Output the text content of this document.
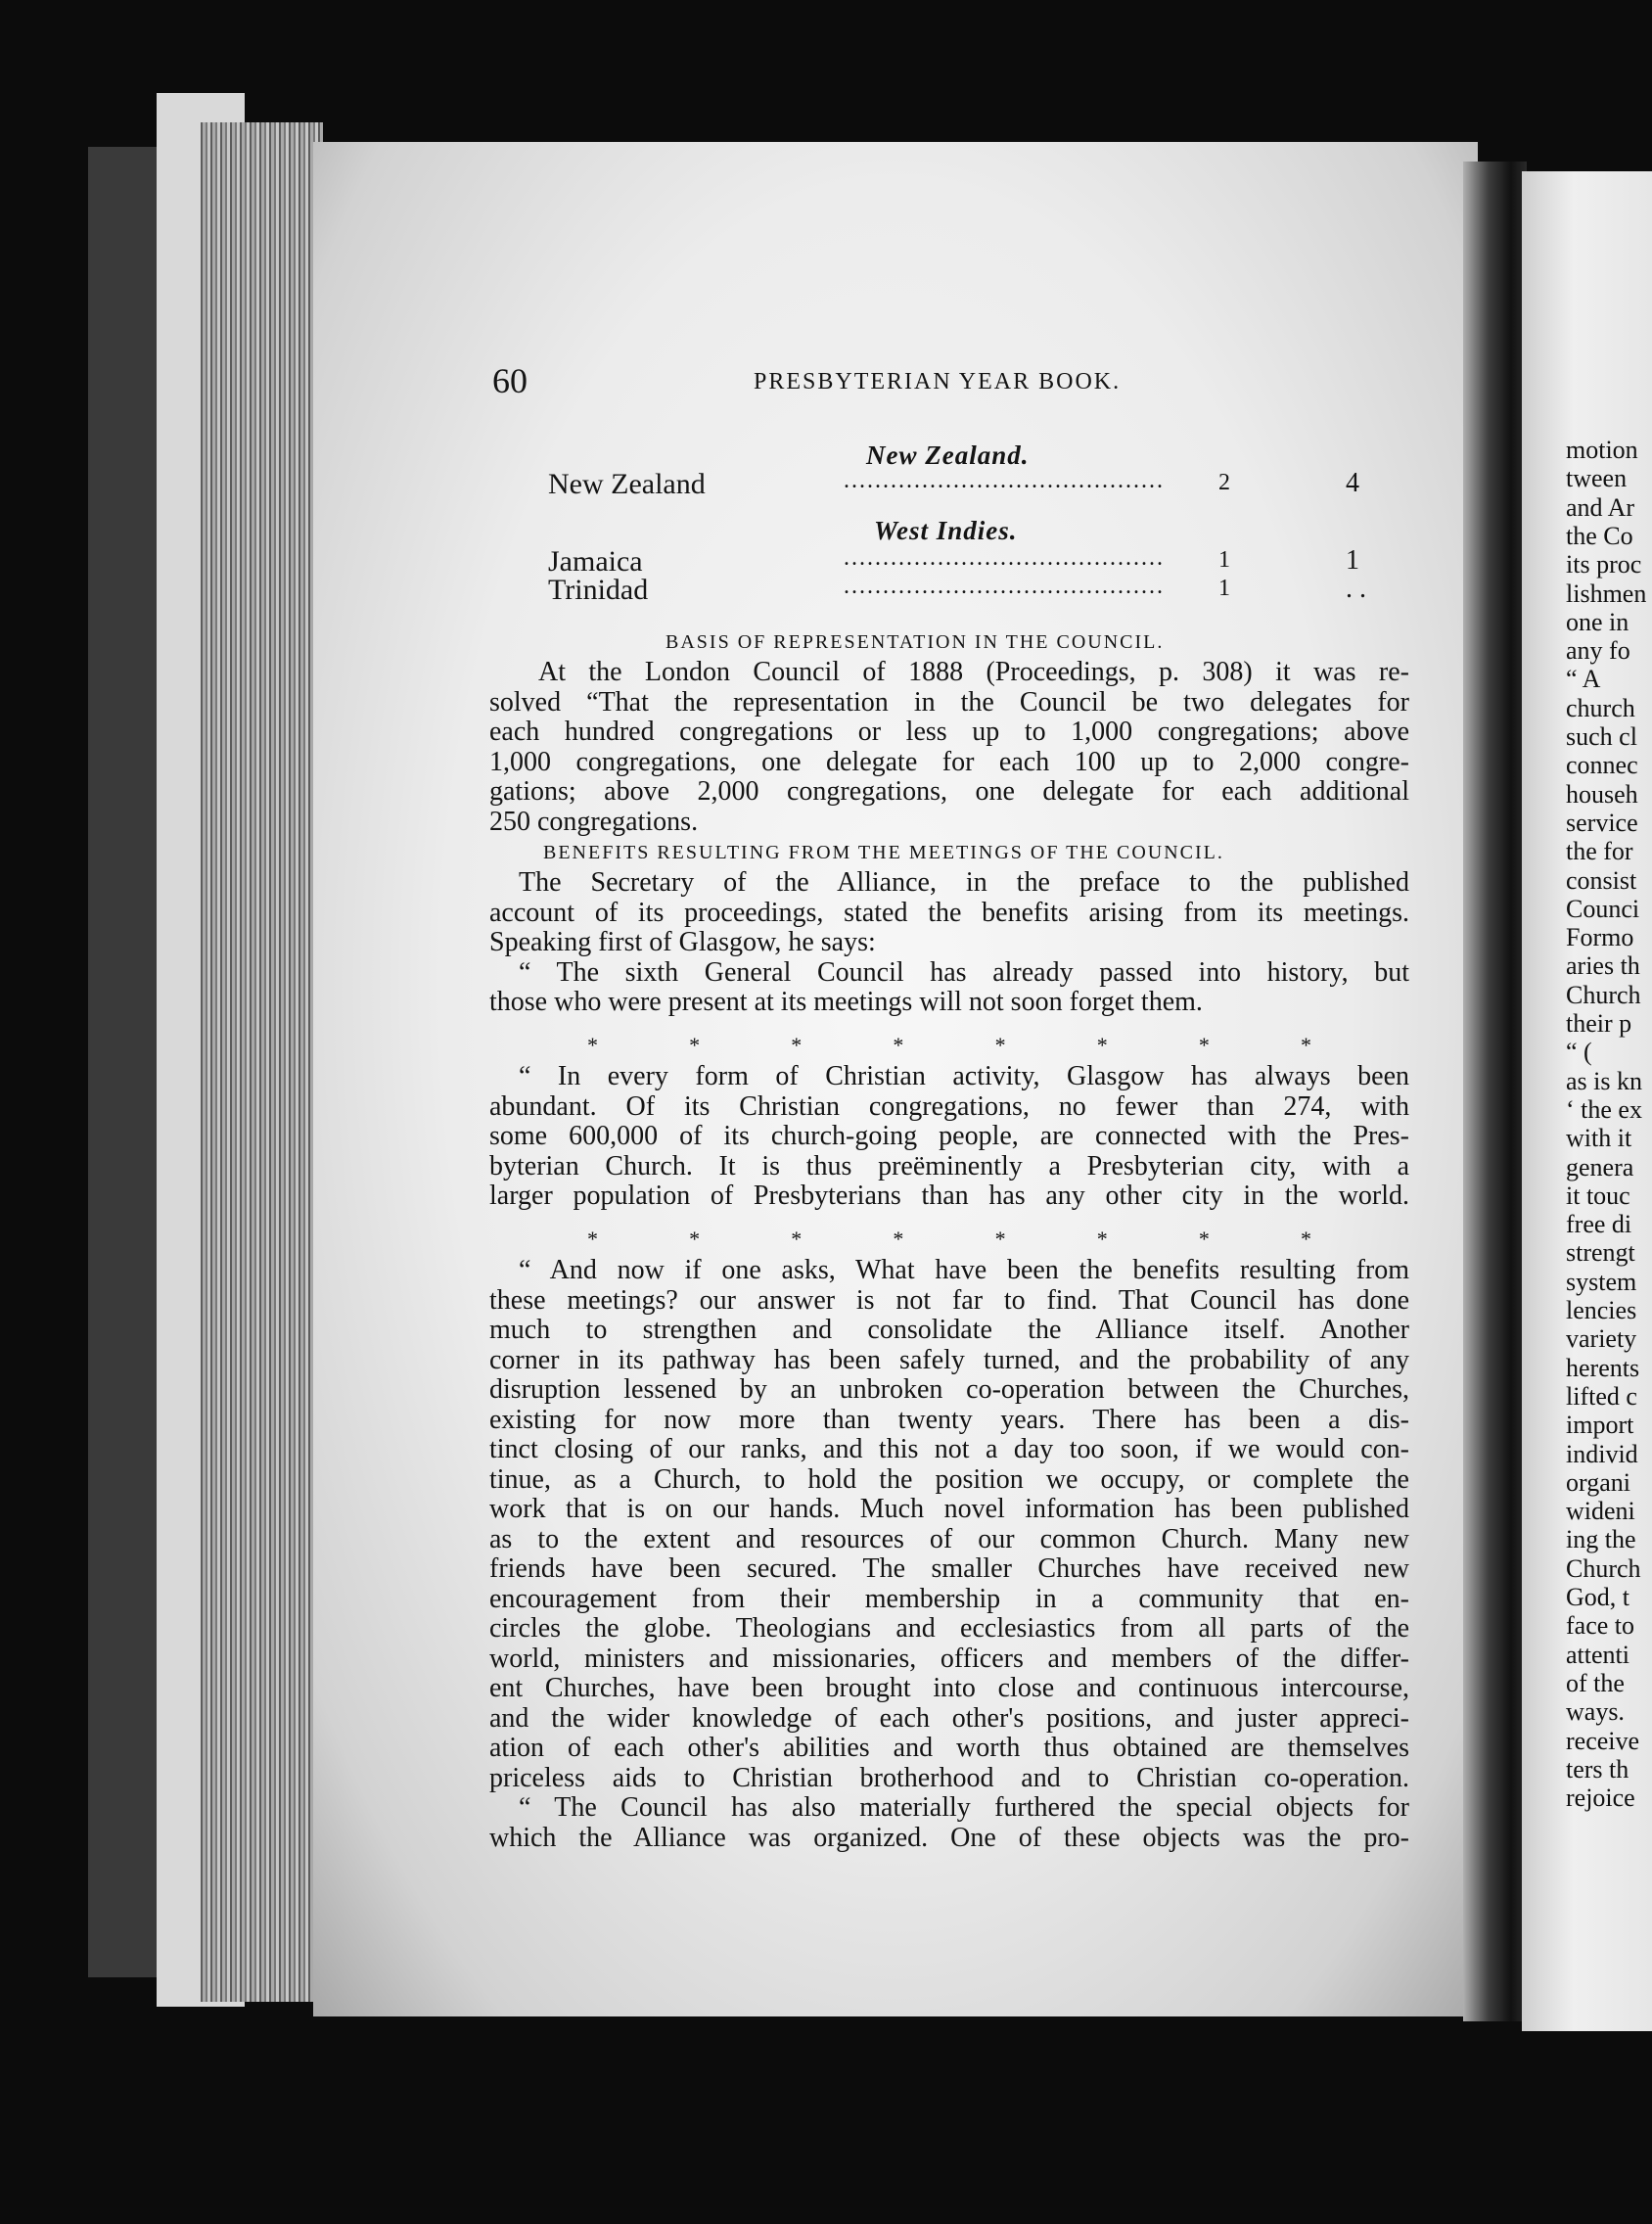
motion
tween
and Ar
the Co
its proc
lishmen
one in
any fo
“ A
church
such cl
connec
househ
service
the for
consist
Counci
Formo
aries th
Church
their p
“ (
as is kn
‘ the ex
with it
genera
it touc
free di
strengt
system
lencies
variety
herents
lifted c
import
individ
organi
wideni
ing the
Church
God, t
face to
attenti
of the
ways.
receive
ters th
rejoice
60	PRESBYTERIAN YEAR BOOK.
New Zealand.
New Zealand	.........................................	2	4
West Indies.
Jamaica	.........................................	1	1
Trinidad	.........................................	1	. .
BASIS OF REPRESENTATION IN THE COUNCIL.
At the London Council of 1888 (Proceedings, p. 308) it was re-
solved “That the representation in the Council be two delegates for
each hundred congregations or less up to 1,000 congregations; above
1,000 congregations, one delegate for each 100 up to 2,000 congre-
gations; above 2,000 congregations, one delegate for each additional
250 congregations.
BENEFITS RESULTING FROM THE MEETINGS OF THE COUNCIL.
The Secretary of the Alliance, in the preface to the published
account of its proceedings, stated the benefits arising from its meetings.
Speaking first of Glasgow, he says:
“ The sixth General Council has already passed into history, but
those who were present at its meetings will not soon forget them.
*	*	*	*	*	*	*	*
“ In every form of Christian activity, Glasgow has always been
abundant. Of its Christian congregations, no fewer than 274, with
some 600,000 of its church-going people, are connected with the Pres-
byterian Church. It is thus preëminently a Presbyterian city, with a
larger population of Presbyterians than has any other city in the world.
*	*	*	*	*	*	*	*
“ And now if one asks, What have been the benefits resulting from
these meetings? our answer is not far to find. That Council has done
much to strengthen and consolidate the Alliance itself. Another
corner in its pathway has been safely turned, and the probability of any
disruption lessened by an unbroken co-operation between the Churches,
existing for now more than twenty years. There has been a dis-
tinct closing of our ranks, and this not a day too soon, if we would con-
tinue, as a Church, to hold the position we occupy, or complete the
work that is on our hands. Much novel information has been published
as to the extent and resources of our common Church. Many new
friends have been secured. The smaller Churches have received new
encouragement from their membership in a community that en-
circles the globe. Theologians and ecclesiastics from all parts of the
world, ministers and missionaries, officers and members of the differ-
ent Churches, have been brought into close and continuous intercourse,
and the wider knowledge of each other's positions, and juster appreci-
ation of each other's abilities and worth thus obtained are themselves
priceless aids to Christian brotherhood and to Christian co-operation.
“ The Council has also materially furthered the special objects for
which the Alliance was organized. One of these objects was the pro-
